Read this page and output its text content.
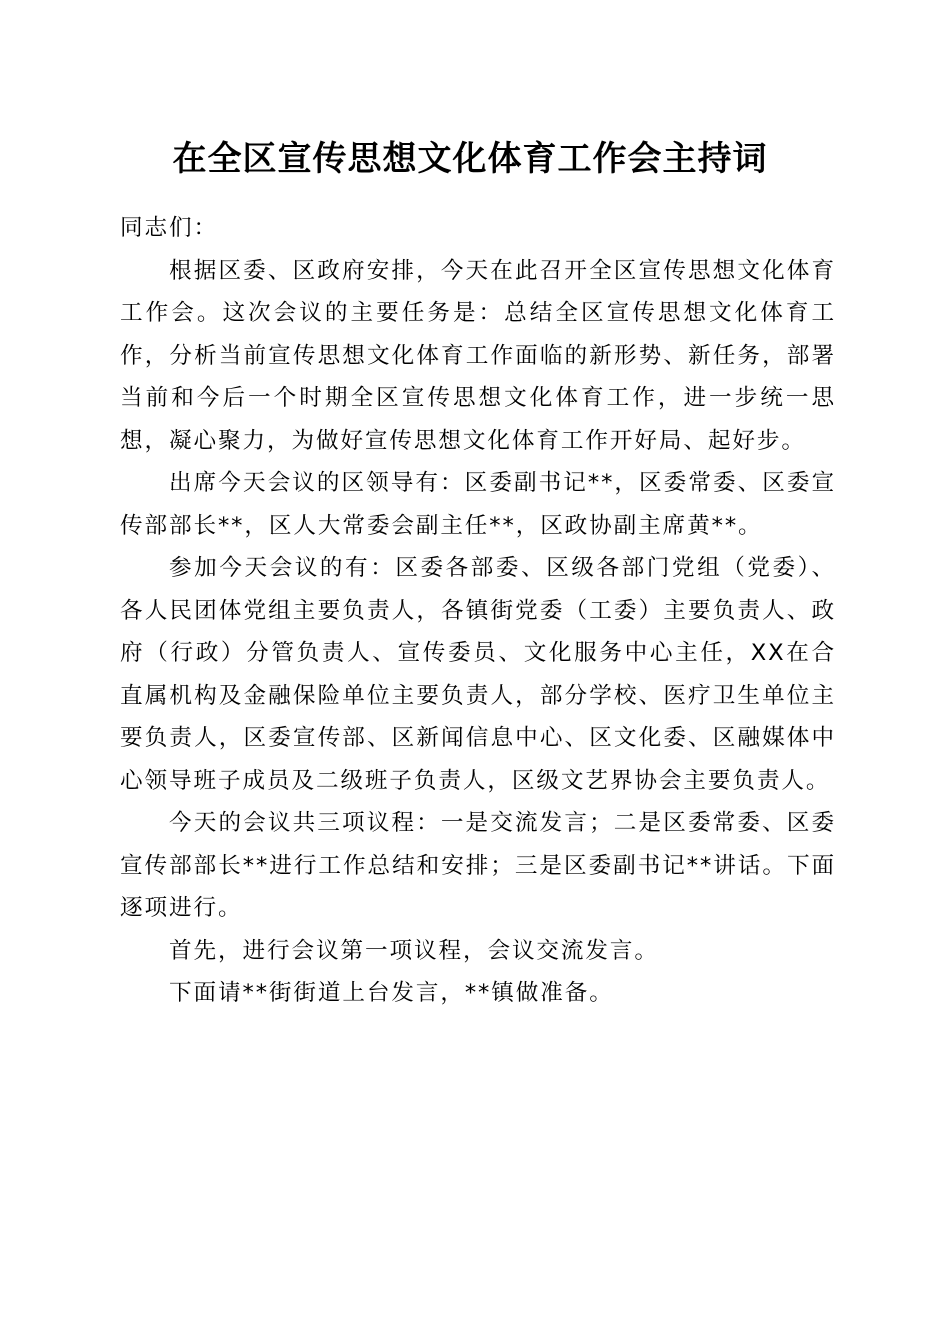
在全区宣传思想文化体育工作会主持词

同志们：

根据区委、区政府安排，今天在此召开全区宣传思想文化体育工作会。这次会议的主要任务是：总结全区宣传思想文化体育工作，分析当前宣传思想文化体育工作面临的新形势、新任务，部署当前和今后一个时期全区宣传思想文化体育工作，进一步统一思想，凝心聚力，为做好宣传思想文化体育工作开好局、起好步。

出席今天会议的区领导有：区委副书记**，区委常委、区委宣传部部长**，区人大常委会副主任**，区政协副主席黄**。

参加今天会议的有：区委各部委、区级各部门党组（党委）、各人民团体党组主要负责人，各镇街党委（工委）主要负责人、政府（行政）分管负责人、宣传委员、文化服务中心主任，XX在合直属机构及金融保险单位主要负责人，部分学校、医疗卫生单位主要负责人，区委宣传部、区新闻信息中心、区文化委、区融媒体中心领导班子成员及二级班子负责人，区级文艺界协会主要负责人。

今天的会议共三项议程：一是交流发言；二是区委常委、区委宣传部部长**进行工作总结和安排；三是区委副书记**讲话。下面逐项进行。

首先，进行会议第一项议程，会议交流发言。

下面请**街街道上台发言，**镇做准备。
